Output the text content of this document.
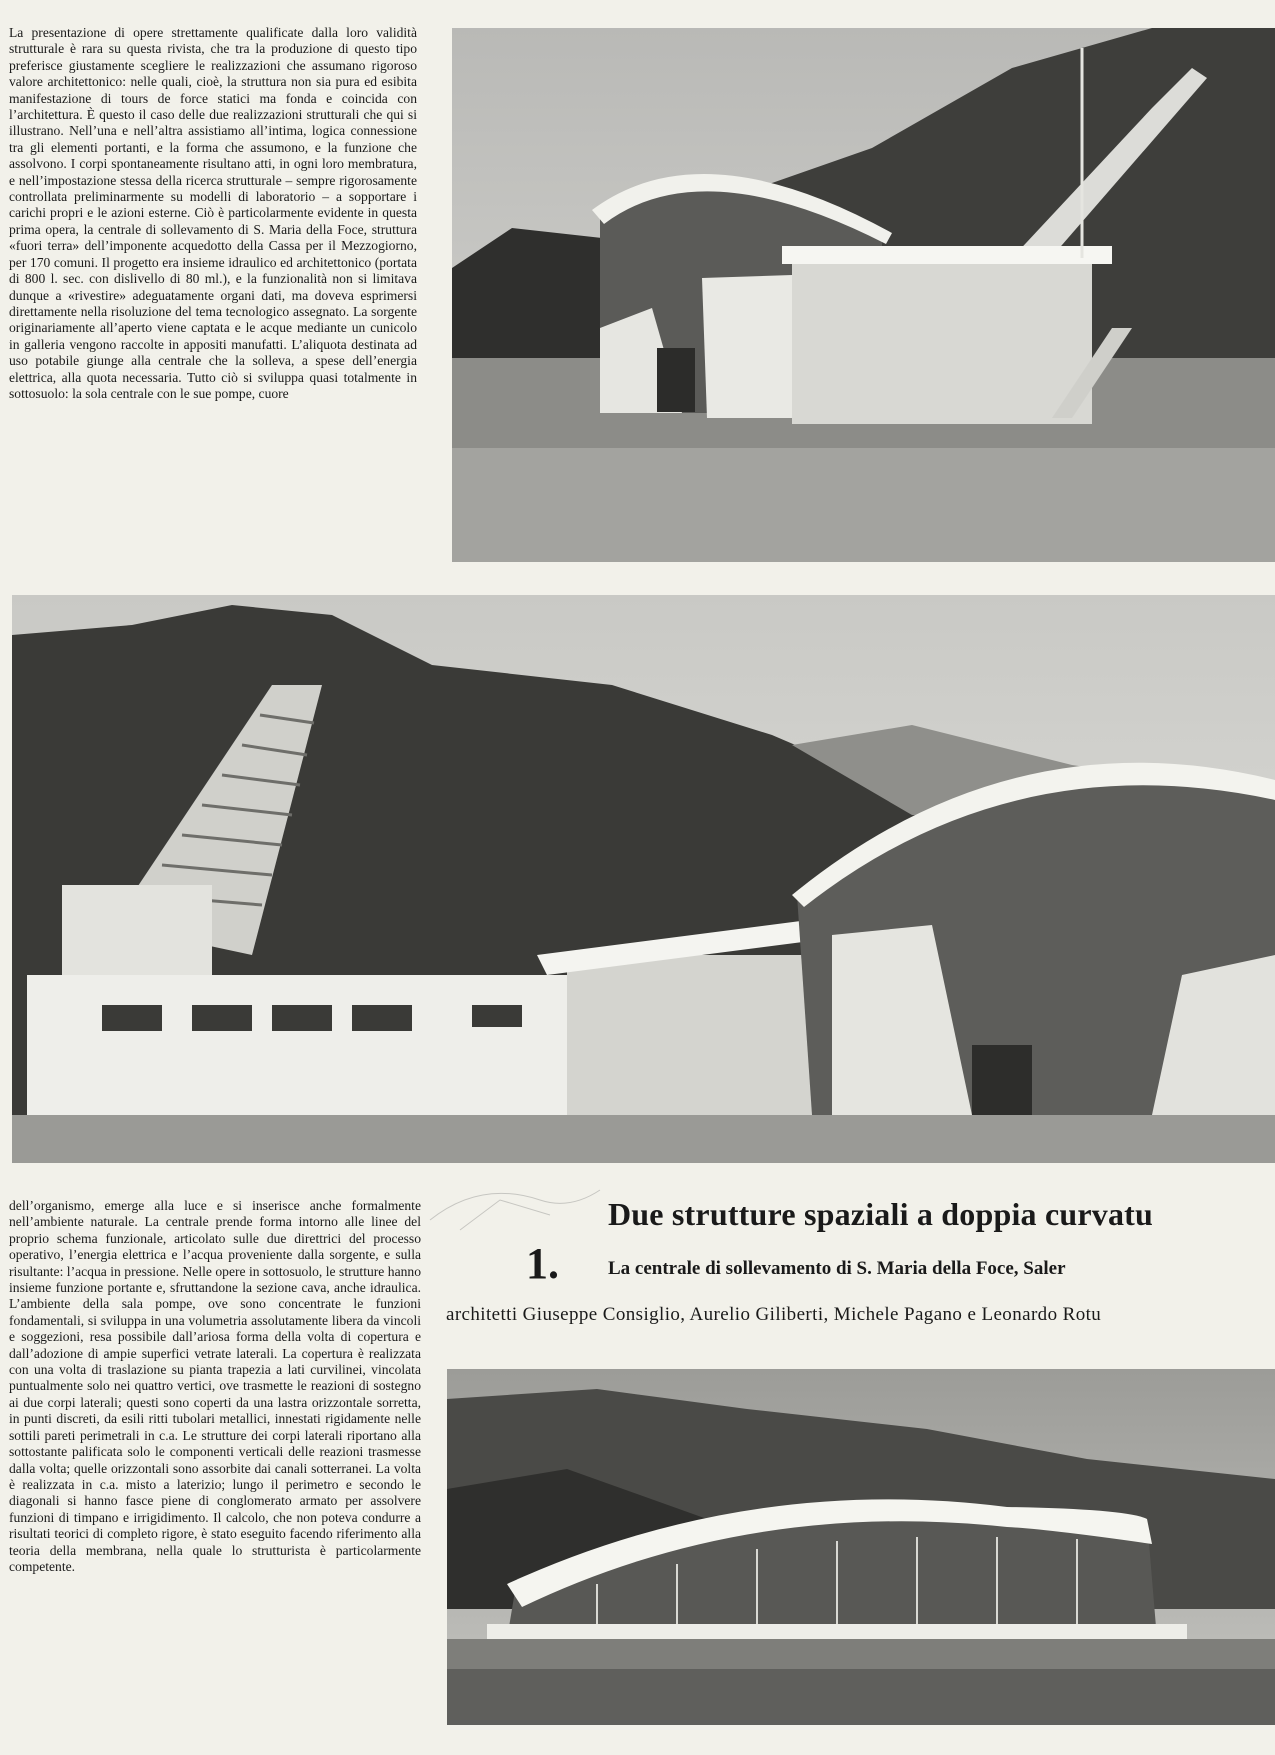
La presentazione di opere strettamente qualificate dalla loro validità strutturale è rara su questa rivista, che tra la produzione di questo tipo preferisce giustamente scegliere le realizzazioni che assumano rigoroso valore architettonico: nelle quali, cioè, la struttura non sia pura ed esibita manifestazione di tours de force statici ma fonda e coincida con l’architettura. È questo il caso delle due realizzazioni strutturali che qui si illustrano. Nell’una e nell’altra assistiamo all’intima, logica connessione tra gli elementi portanti, e la forma che assumono, e la funzione che assolvono. I corpi spontaneamente risultano atti, in ogni loro membratura, e nell’impostazione stessa della ricerca strutturale – sempre rigorosamente controllata preliminarmente su modelli di laboratorio – a sopportare i carichi propri e le azioni esterne. Ciò è particolarmente evidente in questa prima opera, la centrale di sollevamento di S. Maria della Foce, struttura «fuori terra» dell’imponente acquedotto della Cassa per il Mezzogiorno, per 170 comuni. Il progetto era insieme idraulico ed architettonico (portata di 800 l. sec. con dislivello di 80 ml.), e la funzionalità non si limitava dunque a «rivestire» adeguatamente organi dati, ma doveva esprimersi direttamente nella risoluzione del tema tecnologico assegnato. La sorgente originariamente all’aperto viene captata e le acque mediante un cunicolo in galleria vengono raccolte in appositi manufatti. L’aliquota destinata ad uso potabile giunge alla centrale che la solleva, a spese dell’energia elettrica, alla quota necessaria. Tutto ciò si sviluppa quasi totalmente in sottosuolo: la sola centrale con le sue pompe, cuore
Due strutture spaziali a doppia curvatu
1.	La centrale di sollevamento di S. Maria della Foce, Saler
architetti Giuseppe Consiglio, Aurelio Giliberti, Michele Pagano e Leonardo Rotu
dell’organismo, emerge alla luce e si inserisce anche formalmente nell’ambiente naturale. La centrale prende forma intorno alle linee del proprio schema funzionale, articolato sulle due direttrici del processo operativo, l’energia elettrica e l’acqua proveniente dalla sorgente, e sulla risultante: l’acqua in pressione. Nelle opere in sottosuolo, le strutture hanno insieme funzione portante e, sfruttandone la sezione cava, anche idraulica. L’ambiente della sala pompe, ove sono concentrate le funzioni fondamentali, si sviluppa in una volumetria assolutamente libera da vincoli e soggezioni, resa possibile dall’ariosa forma della volta di copertura e dall’adozione di ampie superfici vetrate laterali. La copertura è realizzata con una volta di traslazione su pianta trapezia a lati curvilinei, vincolata puntualmente solo nei quattro vertici, ove trasmette le reazioni di sostegno ai due corpi laterali; questi sono coperti da una lastra orizzontale sorretta, in punti discreti, da esili ritti tubolari metallici, innestati rigidamente nelle sottili pareti perimetrali in c.a. Le strutture dei corpi laterali riportano alla sottostante palificata solo le componenti verticali delle reazioni trasmesse dalla volta; quelle orizzontali sono assorbite dai canali sotterranei. La volta è realizzata in c.a. misto a laterizio; lungo il perimetro e secondo le diagonali si hanno fasce piene di conglomerato armato per assolvere funzioni di timpano e irrigidimento. Il calcolo, che non poteva condurre a risultati teorici di completo rigore, è stato eseguito facendo riferimento alla teoria della membrana, nella quale lo strutturista è particolarmente competente.
